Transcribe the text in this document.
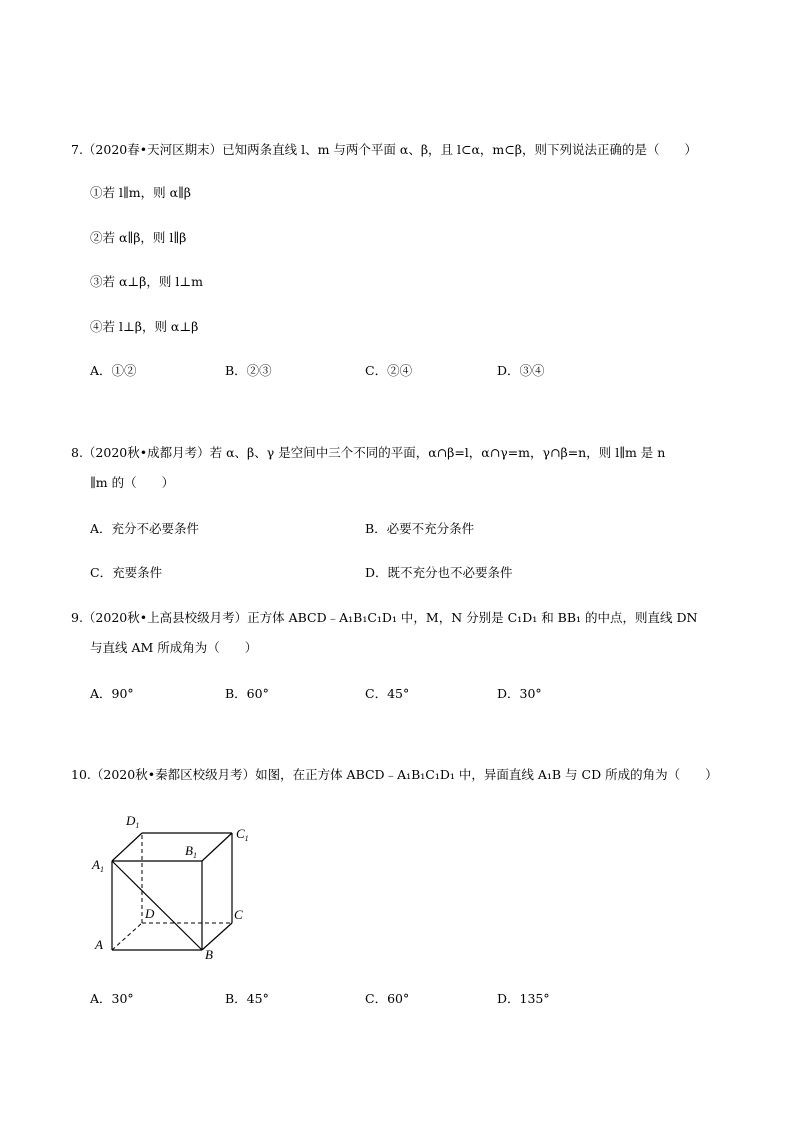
7.（2020春•天河区期末）已知两条直线 l、m 与两个平面 α、β，且 l⊂α，m⊂β，则下列说法正确的是（　　）
①若 l∥m，则 α∥β
②若 α∥β，则 l∥β
③若 α⊥β，则 l⊥m
④若 l⊥β，则 α⊥β
A．①②	B．②③	C．②④	D．③④
8.（2020秋•成都月考）若 α、β、γ 是空间中三个不同的平面，α∩β=l，α∩γ=m，γ∩β=n，则 l∥m 是 n
∥m 的（　　）
A．充分不必要条件	B．必要不充分条件
C．充要条件	D．既不充分也不必要条件
9.（2020秋•上高县校级月考）正方体 ABCD﹣A₁B₁C₁D₁ 中，M，N 分别是 C₁D₁ 和 BB₁ 的中点，则直线 DN
与直线 AM 所成角为（　　）
A．90°	B．60°	C．45°	D．30°
10.（2020秋•秦都区校级月考）如图，在正方体 ABCD﹣A₁B₁C₁D₁ 中，异面直线 A₁B 与 CD 所成的角为（　　）
$D_1$
$C_1$
$B_1$
$A_1$
D	C
A
B
A．30°	B．45°	C．60°	D．135°
